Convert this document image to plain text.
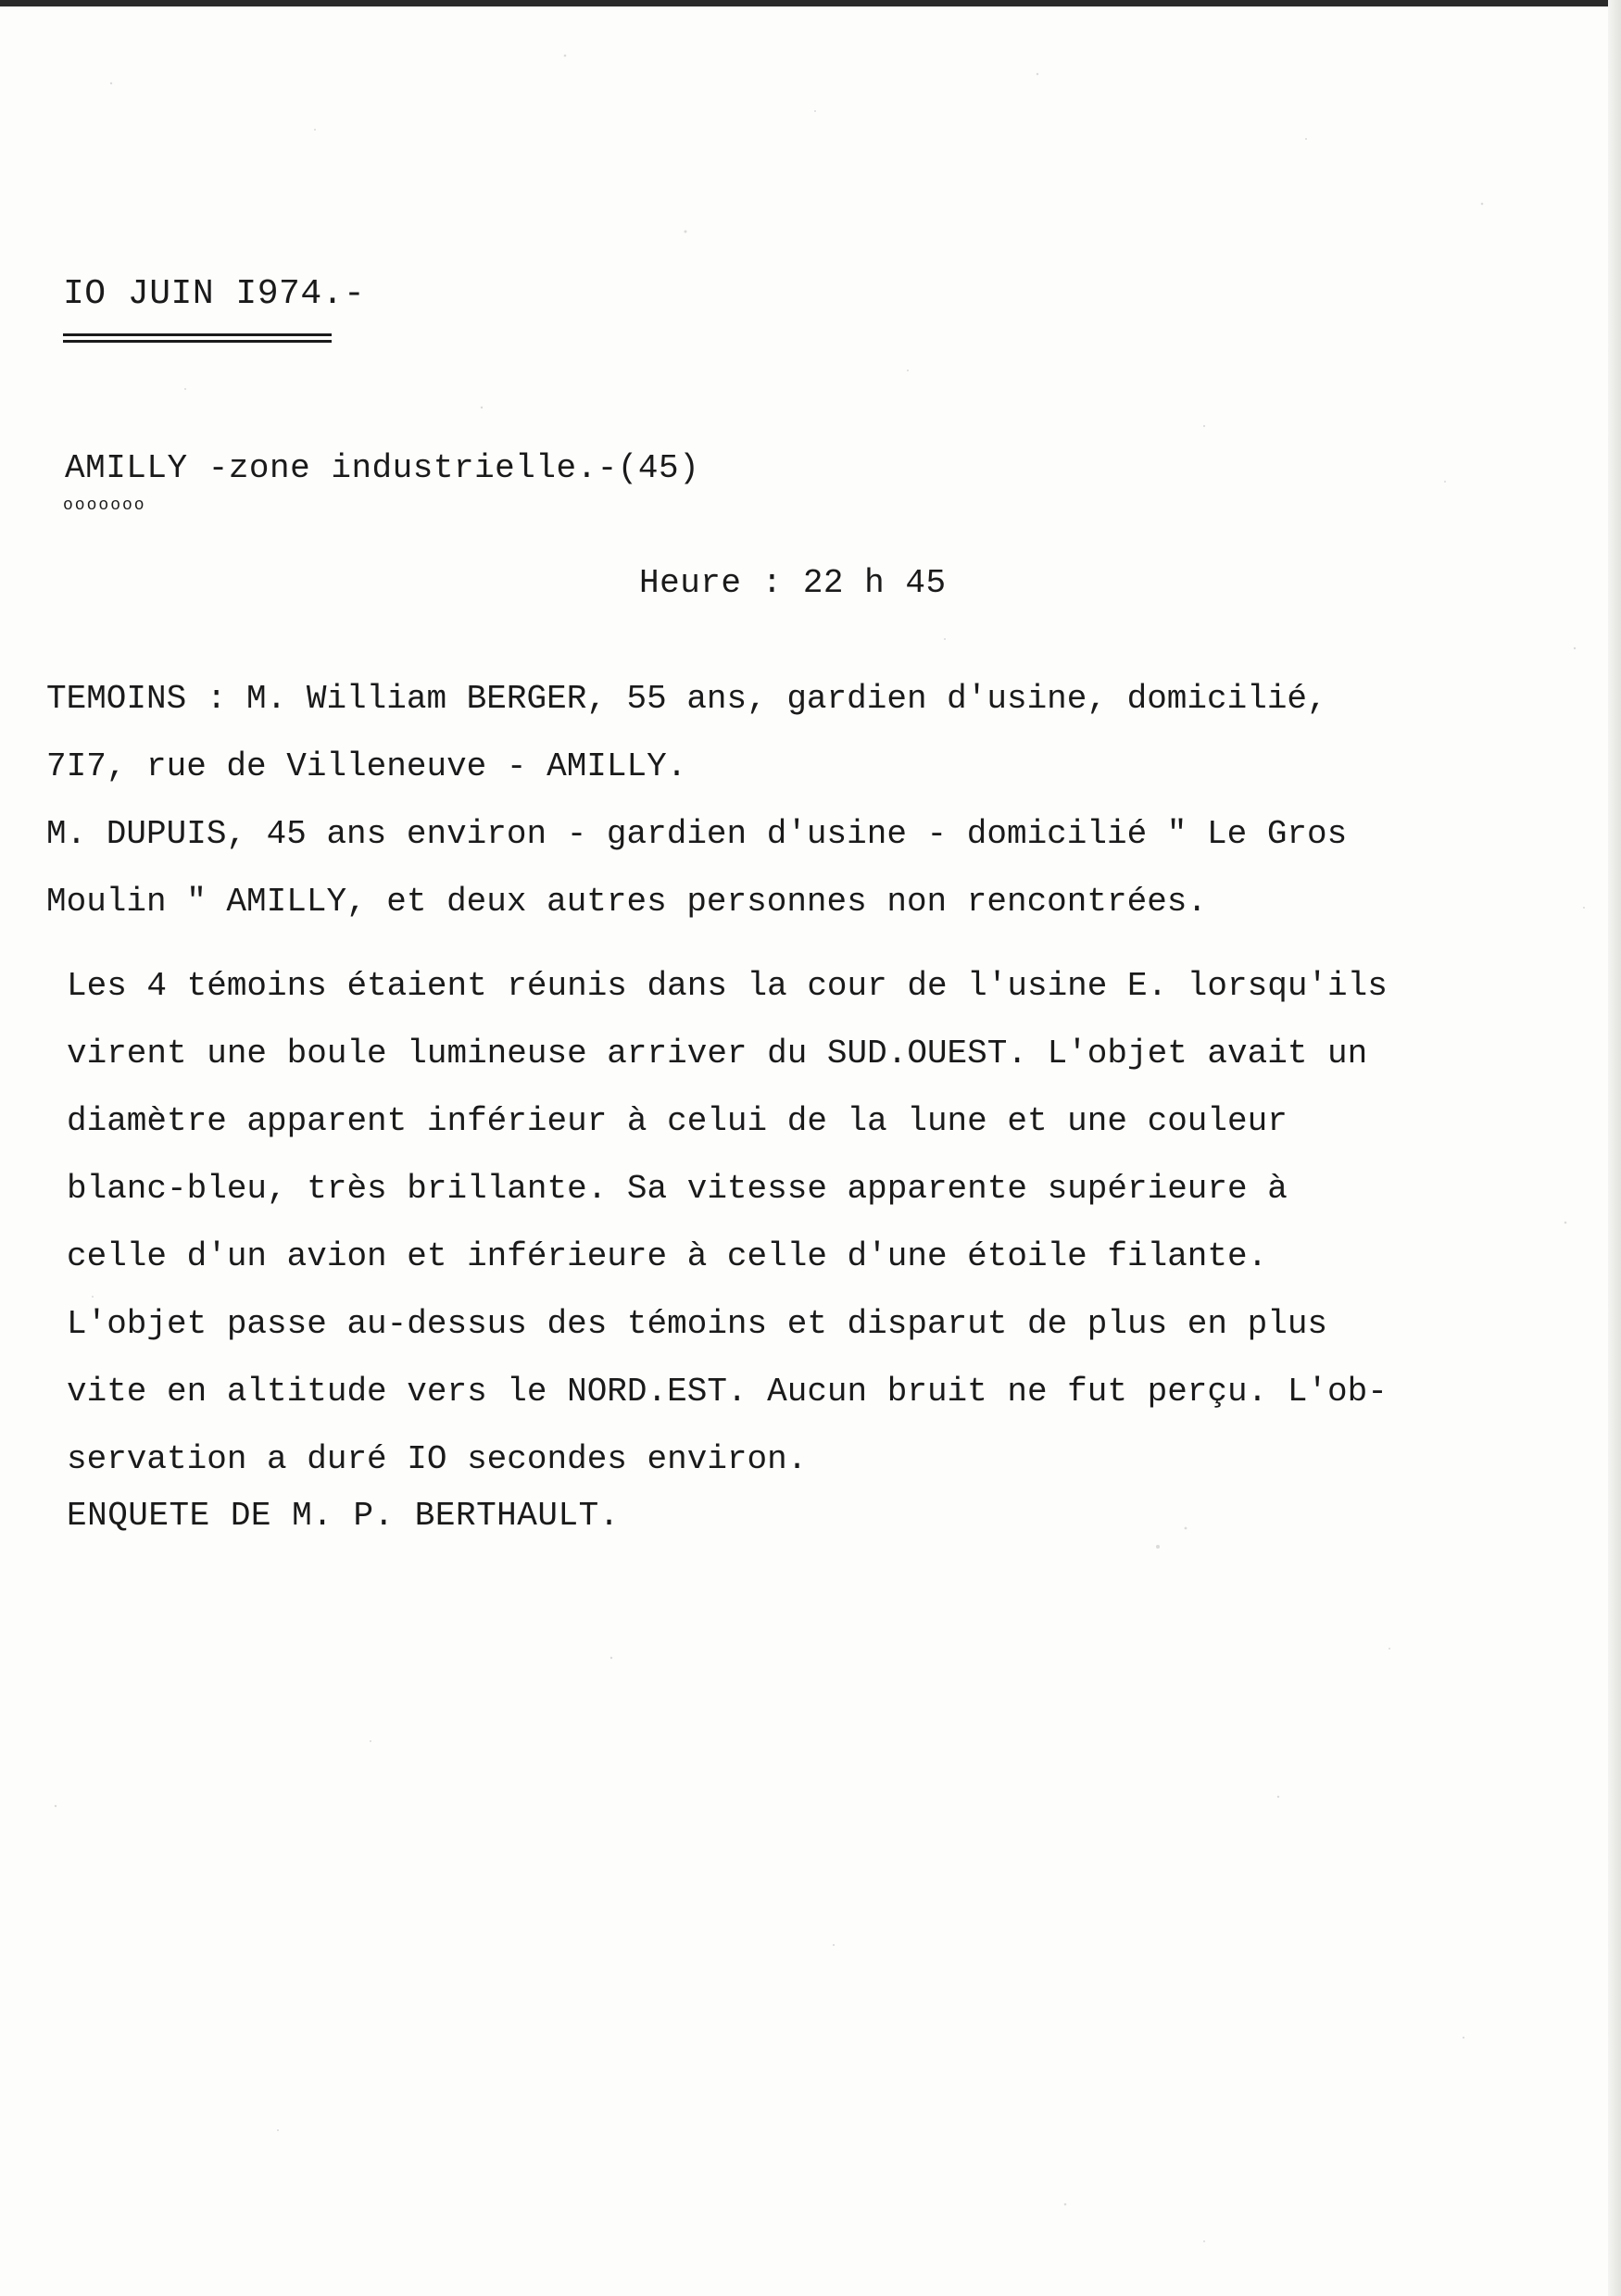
IO JUIN I974.-
AMILLY -zone industrielle.-(45)
ooooooo
Heure : 22 h 45
TEMOINS : M. William BERGER, 55 ans, gardien d'usine, domicilié,
7I7, rue de Villeneuve - AMILLY.
M. DUPUIS, 45 ans environ - gardien d'usine - domicilié " Le Gros
Moulin " AMILLY, et deux autres personnes non rencontrées.
Les 4 témoins étaient réunis dans la cour de l'usine E. lorsqu'ils
virent une boule lumineuse arriver du SUD.OUEST. L'objet avait un
diamètre apparent inférieur à celui de la lune et une couleur
blanc-bleu, très brillante. Sa vitesse apparente supérieure à
celle d'un avion et inférieure à celle d'une étoile filante.
L'objet passe au-dessus des témoins et disparut de plus en plus
vite en altitude vers le NORD.EST. Aucun bruit ne fut perçu. L'ob-
servation a duré IO secondes environ.
ENQUETE DE M. P. BERTHAULT.
